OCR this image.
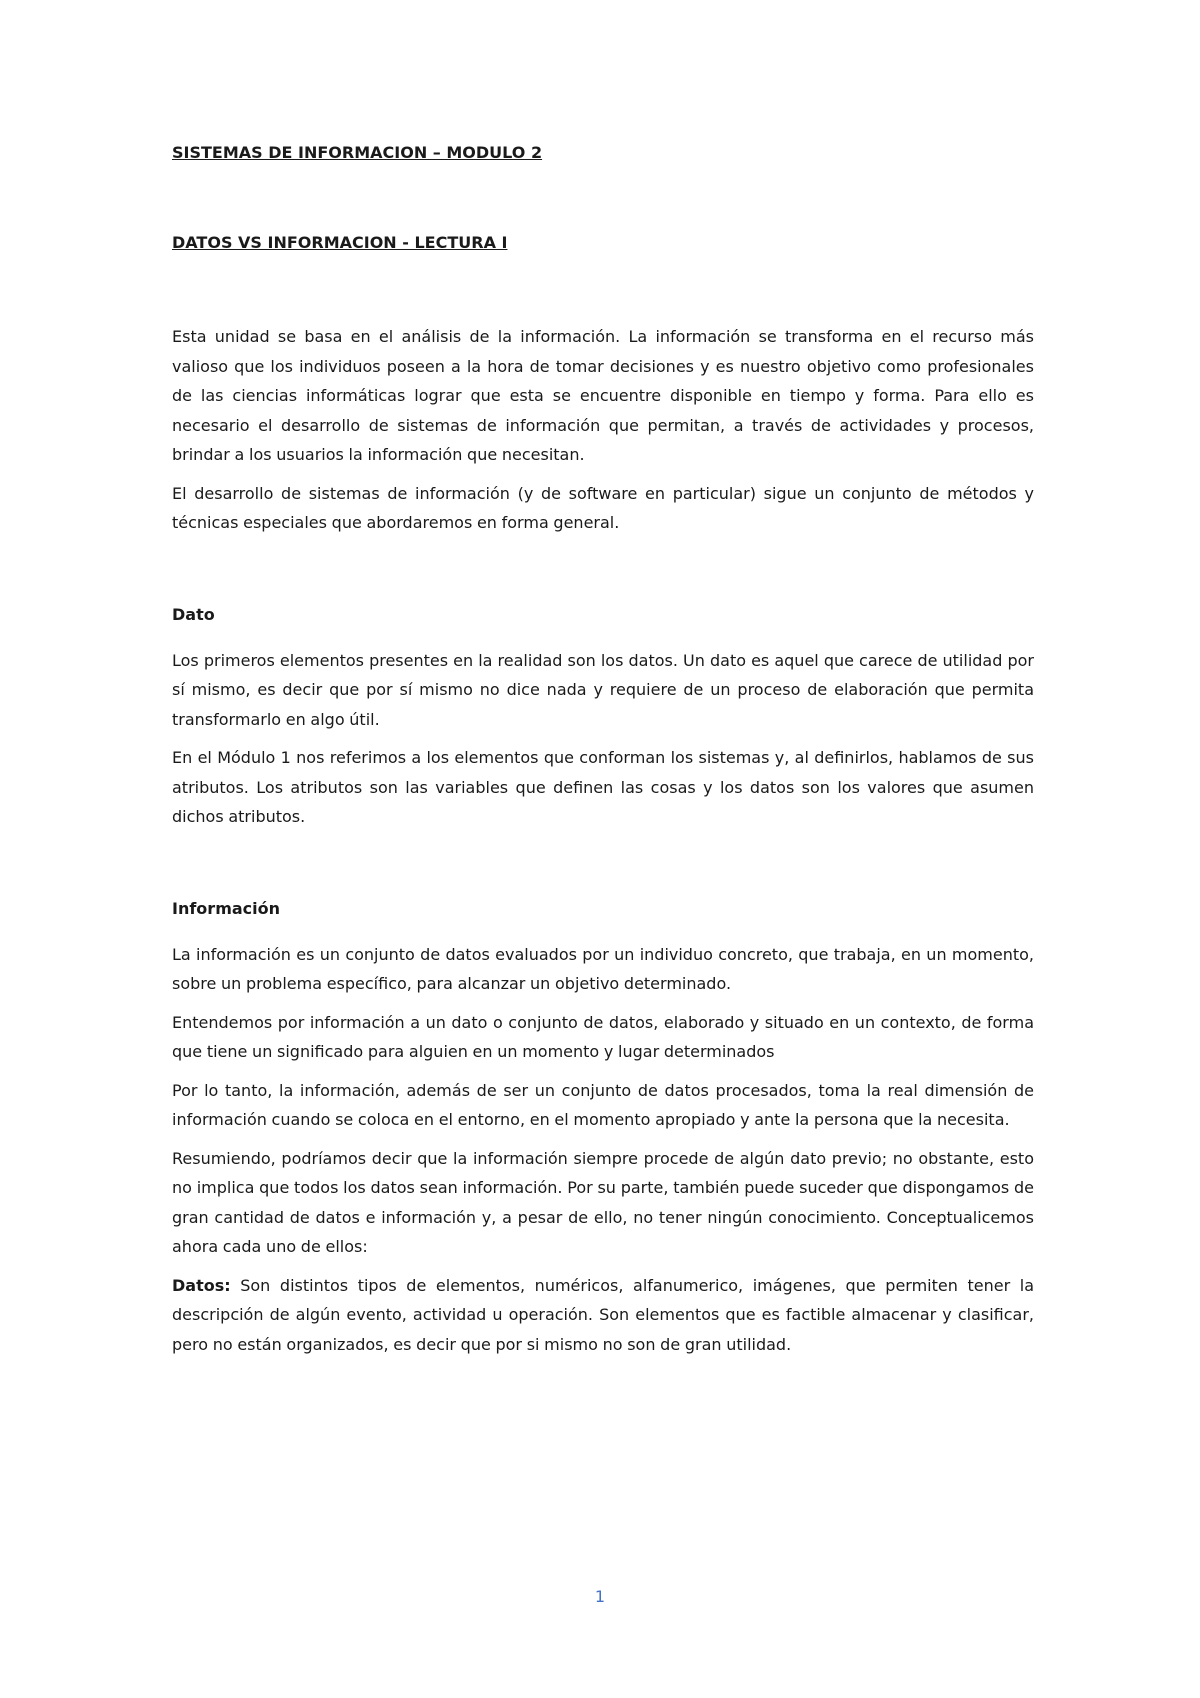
SISTEMAS DE INFORMACION – MODULO 2
DATOS VS INFORMACION - LECTURA I

Esta unidad se basa en el análisis de la información. La información se transforma en el recurso más valioso que los individuos poseen a la hora de tomar decisiones y es nuestro objetivo como profesionales de las ciencias informáticas lograr que esta se encuentre disponible en tiempo y forma. Para ello es necesario el desarrollo de sistemas de información que permitan, a través de actividades y procesos, brindar a los usuarios la información que necesitan.

El desarrollo de sistemas de información (y de software en particular) sigue un conjunto de métodos y técnicas especiales que abordaremos en forma general.

Dato

Los primeros elementos presentes en la realidad son los datos. Un dato es aquel que carece de utilidad por sí mismo, es decir que por sí mismo no dice nada y requiere de un proceso de elaboración que permita transformarlo en algo útil.

En el Módulo 1 nos referimos a los elementos que conforman los sistemas y, al definirlos, hablamos de sus atributos. Los atributos son las variables que definen las cosas y los datos son los valores que asumen dichos atributos.

Información

La información es un conjunto de datos evaluados por un individuo concreto, que trabaja, en un momento, sobre un problema específico, para alcanzar un objetivo determinado.

Entendemos por información a un dato o conjunto de datos, elaborado y situado en un contexto, de forma que tiene un significado para alguien en un momento y lugar determinados

Por lo tanto, la información, además de ser un conjunto de datos procesados, toma la real dimensión de información cuando se coloca en el entorno, en el momento apropiado y ante la persona que la necesita.

Resumiendo, podríamos decir que la información siempre procede de algún dato previo; no obstante, esto no implica que todos los datos sean información. Por su parte, también puede suceder que dispongamos de gran cantidad de datos e información y, a pesar de ello, no tener ningún conocimiento. Conceptualicemos ahora cada uno de ellos:

Datos: Son distintos tipos de elementos, numéricos, alfanumerico, imágenes, que permiten tener la descripción de algún evento, actividad u operación. Son elementos que es factible almacenar y clasificar, pero no están organizados, es decir que por si mismo no son de gran utilidad.

1
